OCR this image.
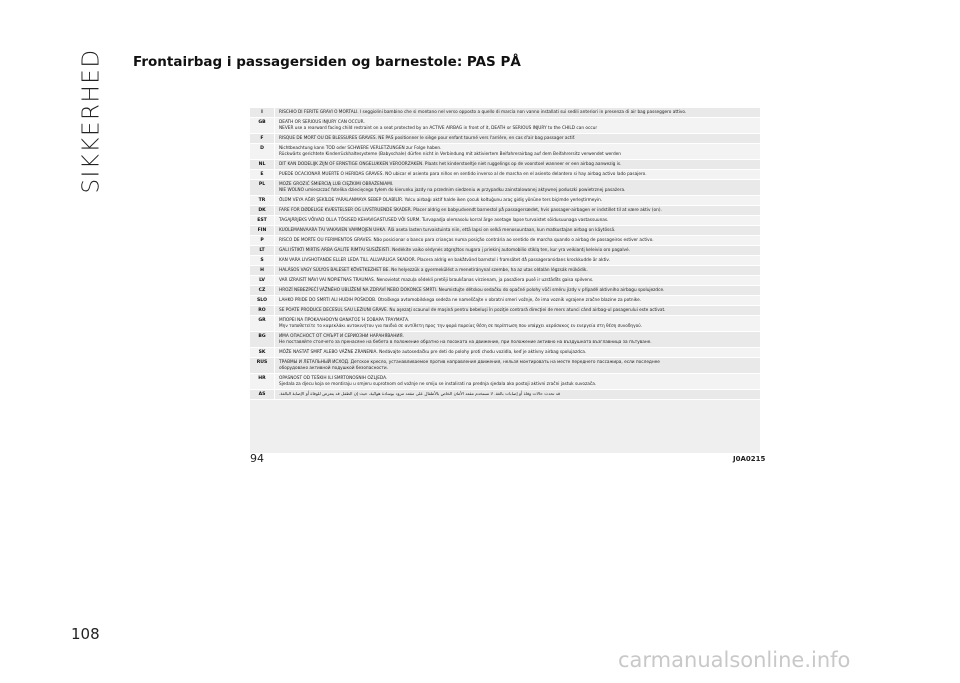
SIKKERHED Frontairbag i passagersiden og barnestole: PAS PÅ
I	RISCHIO DI FERITE GRAVI O MORTALI. I seggiolini bambino che si montano nel verso opposto a quello di marcia non vanno installati sui sedili anteriori in presenza di air bag passeggero attivo.
GB	DEATH OR SERIOUS INJURY CAN OCCUR.
NEVER use a rearward facing child restraint on a seat protected by an ACTIVE AIRBAG in front of it, DEATH or SERIOUS INJURY to the CHILD can occur
F	RISQUE DE MORT OU DE BLESSURES GRAVES. NE PAS positionner le siège pour enfant tourné vers l'arrière, en cas d'air bag passager actif.
D	Nichtbeachtung kann TOD oder SCHWERE VERLETZUNGEN zur Folge haben.
Rückwärts gerichtete Kinderrückhaltesysteme (Babyschale) dürfen nicht in Verbindung mit aktiviertem Beifahrerairbag auf dem Beifahrersitz verwendet werden
NL	DIT KAN DODELIJK ZIJN OF ERNSTIGE ONGELUKKEN VEROORZAKEN. Plaats het kinderstoeltje niet ruggelings op de voorstoel wanneer er een airbag aanwezig is.
E	PUEDE OCACIONAR MUERTE O HERIDAS GRAVES. NO ubicar el asiento para niños en sentido inverso al de marcha en el asiento delantero si hay airbag activo lado pasajero.
PL	MOŻE GROZIĆ ŚMIERCIĄ LUB CIĘŻKIMI OBRAŻENIAMI.
NIE WOLNO umieszczać fotelika dziecięcego tyłem do kierunku jazdy na przednim siedzeniu w przypadku zainstalowanej aktywnej poduszki powietrznej pasażera.
TR	ÖLÜM VEYA AĞIR ŞEKİLDE YARALANMAYA SEBEP OLABİLİR. Yolcu airbağı aktif halde iken çocuk koltuğunu araç gidiş yönüne ters biçimde yerleştirmeyin.
DK	FARE FOR DØDELIGE KVÆSTELSER OG LIVSTRUENDE SKADER. Placer aldrig en babyudvendt barnestol på passagersædet, hvis passager-airbagen er indstillet til at være aktiv (on).
EST	TAGAJÄRJEKS VÕIVAD OLLA TÕSISED KEHAVIGASTUSED VÕI SURM. Turvapadja olemasolu korral ärge asetage lapse turvaistet sõidusuunaga vastassuunas.
FIN	KUOLEMANVAARA TAI VAKAVIEN VAMMOJEN UHKA. Älä aseta lasten turvaistuinta niin, että lapsi on selkä menosuuntaan, kun matkustajan airbag on käytössä.
P	RISCO DE MORTE OU FERIMENTOS GRAVES. Não posicionar o banco para crianças numa posição contrária ao sentido de marcha quando o airbag de passageiros estiver activo.
LT	GALI IŠTIKTI MIRTIS ARBA GALITE RIMTAI SUSIŽEISTI. Nedėkite vaiko sėdynės atgręžtos nugara į priekinį automobilio stiklą ten, kur yra veikiantį keleivio oro pagalvė.
S	KAN VARA LIVSHOTANDE ELLER LEDA TILL ALLVARLIGA SKADOR. Placera aldrig en bakåtvänd barnstol i framsätet då passagerarsidans krockkudde är aktiv.
H	HALÁSOS VAGY SÚLYOS BALESET KÖVETKEZHET BE. Ne helyezzük a gyermekülést a menetiránynal szembe, ha az utas oldalán légzsák működik.
LV	VAR IZRAISĪT NĀVI VAI NOPIETNAS TRAUMAS. Nenovietot mazuļa sēdekli pretēji braukšanas virzienam, ja pasažiera pusē ir uzstādīts gaisa spilvens.
CZ	HROZÍ NEBEZPEČÍ VÁŽNÉHO UBLÍŽENÍ NA ZDRAVÍ NEBO DOKONCE SMRTI. Neumisťujte dětskou sedačku do opačné polohy vůči směru jízdy v případě aktivního airbagu spolujezdce.
SLO	LAHKO PRIDE DO SMRTI ALI HUDIH POŠKODB. Otroškega avtomobilskega sedeža ne nameščajte v obratni smeri vožnje, če ima voznik vgrajene zračne blazine za potnike.
RO	SE POATE PRODUCE DECESUL SAU LEZIUNI GRAVE. Nu aşezaţi scaunul de maşină pentru bebeluşi în poziţie contrară direcţiei de mers atunci când airbag-ul pasagerului este activat.
GR	ΜΠΟΡΕΙ ΝΑ ΠΡΟΚΑΛΗΘΟΥΝ ΘΑΝΑΤΟΣ Ή ΣΟΒΑΡΑ ΤΡΑΥΜΑΤΑ.
Μην τοποθετείτε το καρεκλάκι αυτοκινήτου για παιδιά σε αντίθετη προς την φορά πορείας θέση σε περίπτωση που υπάρχει αερόσακος εν ενεργεία στη θέση συνοδηγού.
BG	ИМА ОПАСНОСТ ОТ СМЪРТ И СЕРИОЗНИ НАРАНЯВАНИЯ.
Не поставяйте столчето за пренасяне на бебета в положение обратно на посоката на движение, при положение активно на въздушната възглавница за пътуване.
SK	MÔŽE NASTAŤ SMRŤ ALEBO VÁŽNE ZRANENIA. Nedávajte autosedačku pre deti do polohy proti chodu vozidla, keď je aktívny airbag spolujazdca.
RUS	ТРАВМЫ И ЛЕТАЛЬНЫЙ ИСХОД. Детское кресло, устанавливаемое против направления движения, нельзя монтировать на месте переднего пассажира, если последнее
оборудовано активной подушкой безопасности.
HR	OPASNOST OD TEŠKIH ILI SMRTONOSNIH OZLJEDA.
Sjedala za djecu koja se montiraju u smjeru suprotnom od vožnje ne smiju se instalirati na prednja sjedala ako postoji aktivni zračni jastuk suvozača.
AS	قد تحدث حالات وفاة أو إصابات بالغة. لا تستخدم مقعد الأمان الخاص بالأطفال على مقعد مزود بوسادة هوائية، حيث إن الطفل قد يتعرض للوفاة أو الإصابة البالغة.
94	J0A0215
108
carmanualsonline.info
